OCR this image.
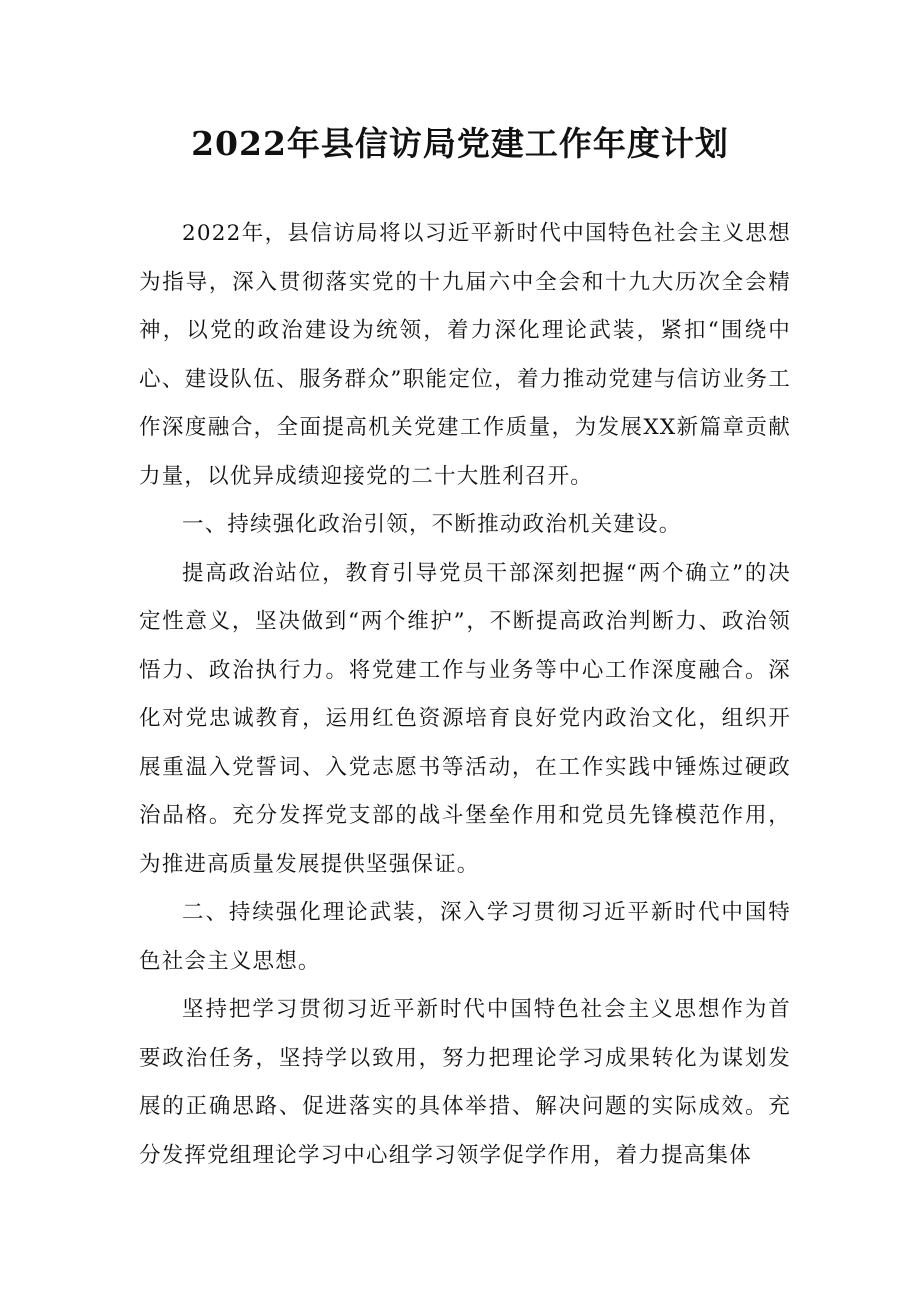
2022年县信访局党建工作年度计划

2022年，县信访局将以习近平新时代中国特色社会主义思想为指导，深入贯彻落实党的十九届六中全会和十九大历次全会精神，以党的政治建设为统领，着力深化理论武装，紧扣“围绕中心、建设队伍、服务群众”职能定位，着力推动党建与信访业务工作深度融合，全面提高机关党建工作质量，为发展XX新篇章贡献力量，以优异成绩迎接党的二十大胜利召开。

一、持续强化政治引领，不断推动政治机关建设。

提高政治站位，教育引导党员干部深刻把握“两个确立”的决定性意义，坚决做到“两个维护”，不断提高政治判断力、政治领悟力、政治执行力。将党建工作与业务等中心工作深度融合。深化对党忠诚教育，运用红色资源培育良好党内政治文化，组织开展重温入党誓词、入党志愿书等活动，在工作实践中锤炼过硬政治品格。充分发挥党支部的战斗堡垒作用和党员先锋模范作用，为推进高质量发展提供坚强保证。

二、持续强化理论武装，深入学习贯彻习近平新时代中国特色社会主义思想。

坚持把学习贯彻习近平新时代中国特色社会主义思想作为首要政治任务，坚持学以致用，努力把理论学习成果转化为谋划发展的正确思路、促进落实的具体举措、解决问题的实际成效。充分发挥党组理论学习中心组学习领学促学作用，着力提高集体
